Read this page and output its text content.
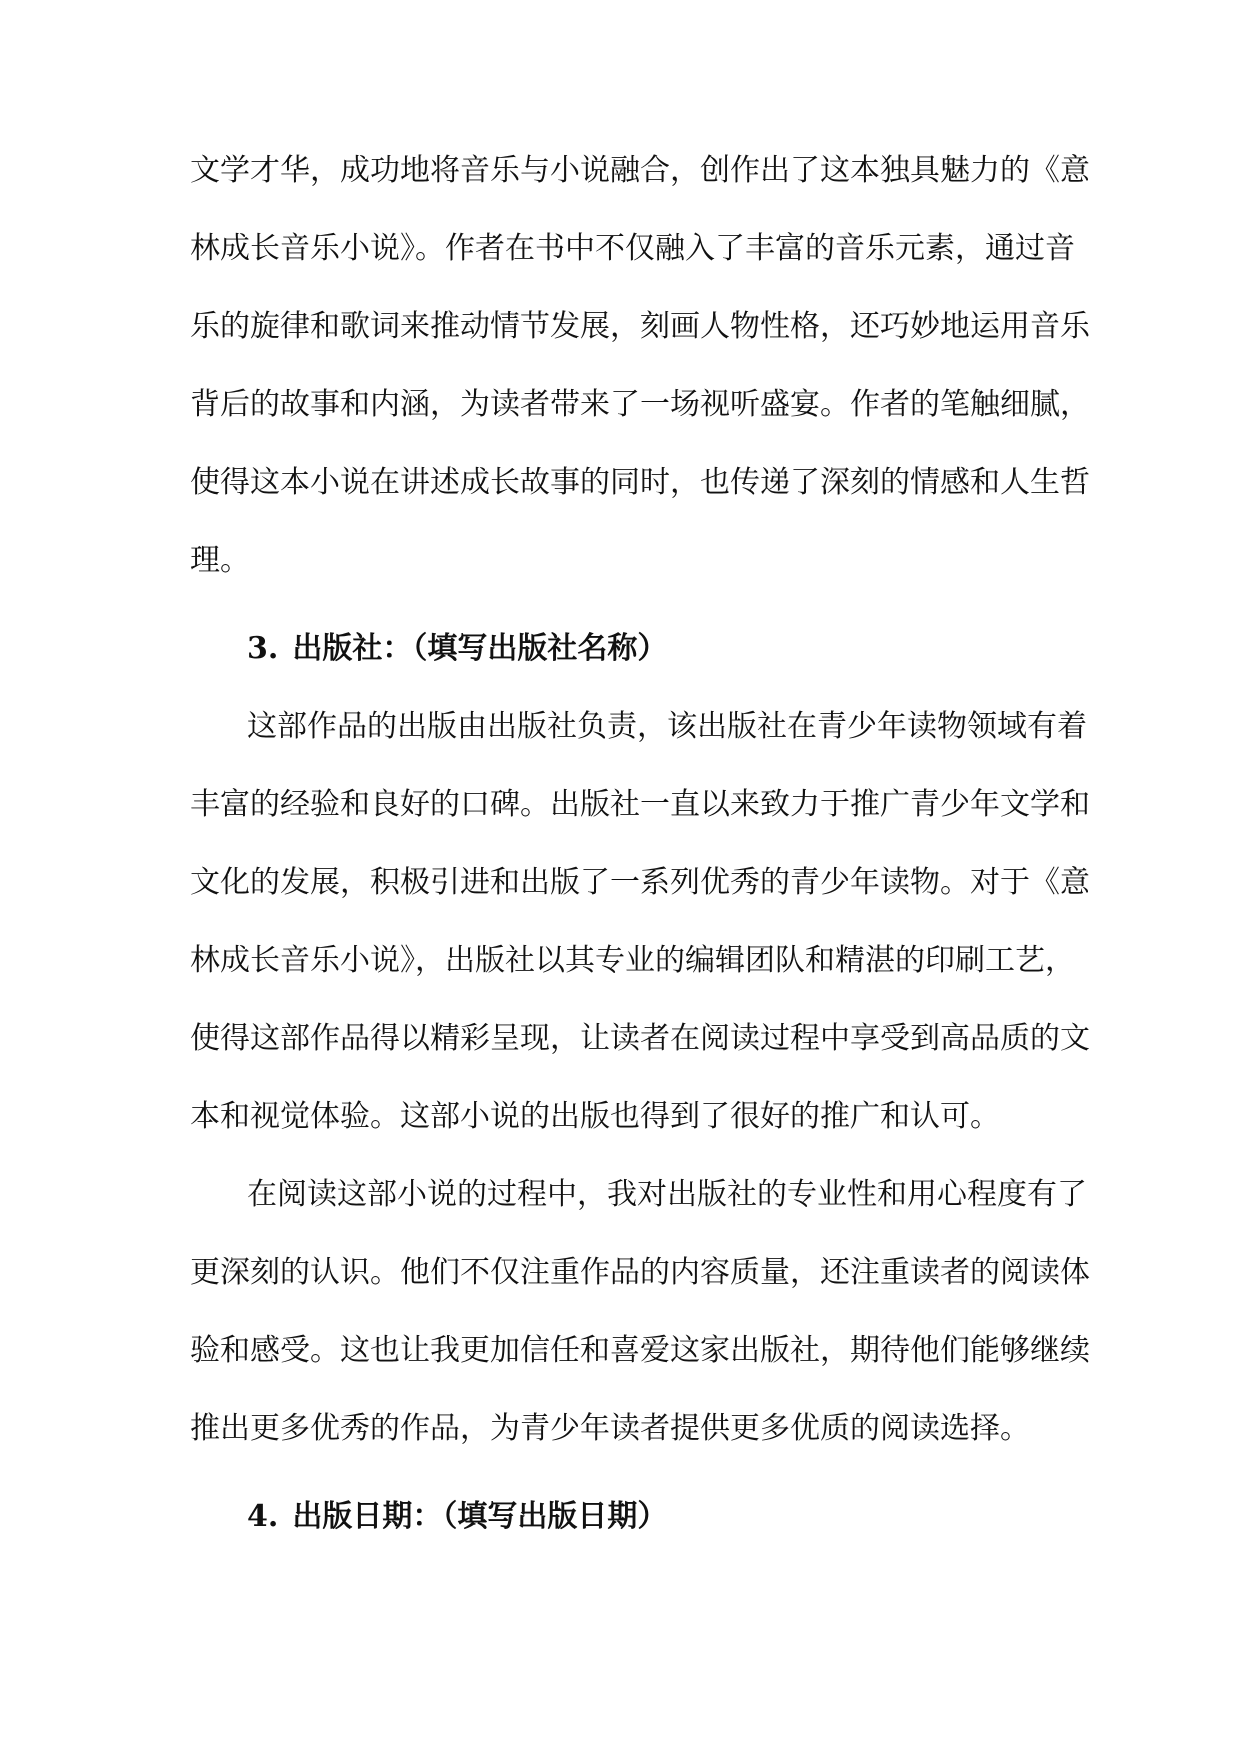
文学才华，成功地将音乐与小说融合，创作出了这本独具魅力的《意
林成长音乐小说》。作者在书中不仅融入了丰富的音乐元素，通过音
乐的旋律和歌词来推动情节发展，刻画人物性格，还巧妙地运用音乐
背后的故事和内涵，为读者带来了一场视听盛宴。作者的笔触细腻，
使得这本小说在讲述成长故事的同时，也传递了深刻的情感和人生哲
理。
3. 出版社：（填写出版社名称）
这部作品的出版由出版社负责，该出版社在青少年读物领域有着
丰富的经验和良好的口碑。出版社一直以来致力于推广青少年文学和
文化的发展，积极引进和出版了一系列优秀的青少年读物。对于《意
林成长音乐小说》，出版社以其专业的编辑团队和精湛的印刷工艺，
使得这部作品得以精彩呈现，让读者在阅读过程中享受到高品质的文
本和视觉体验。这部小说的出版也得到了很好的推广和认可。
在阅读这部小说的过程中，我对出版社的专业性和用心程度有了
更深刻的认识。他们不仅注重作品的内容质量，还注重读者的阅读体
验和感受。这也让我更加信任和喜爱这家出版社，期待他们能够继续
推出更多优秀的作品，为青少年读者提供更多优质的阅读选择。
4. 出版日期：（填写出版日期）
